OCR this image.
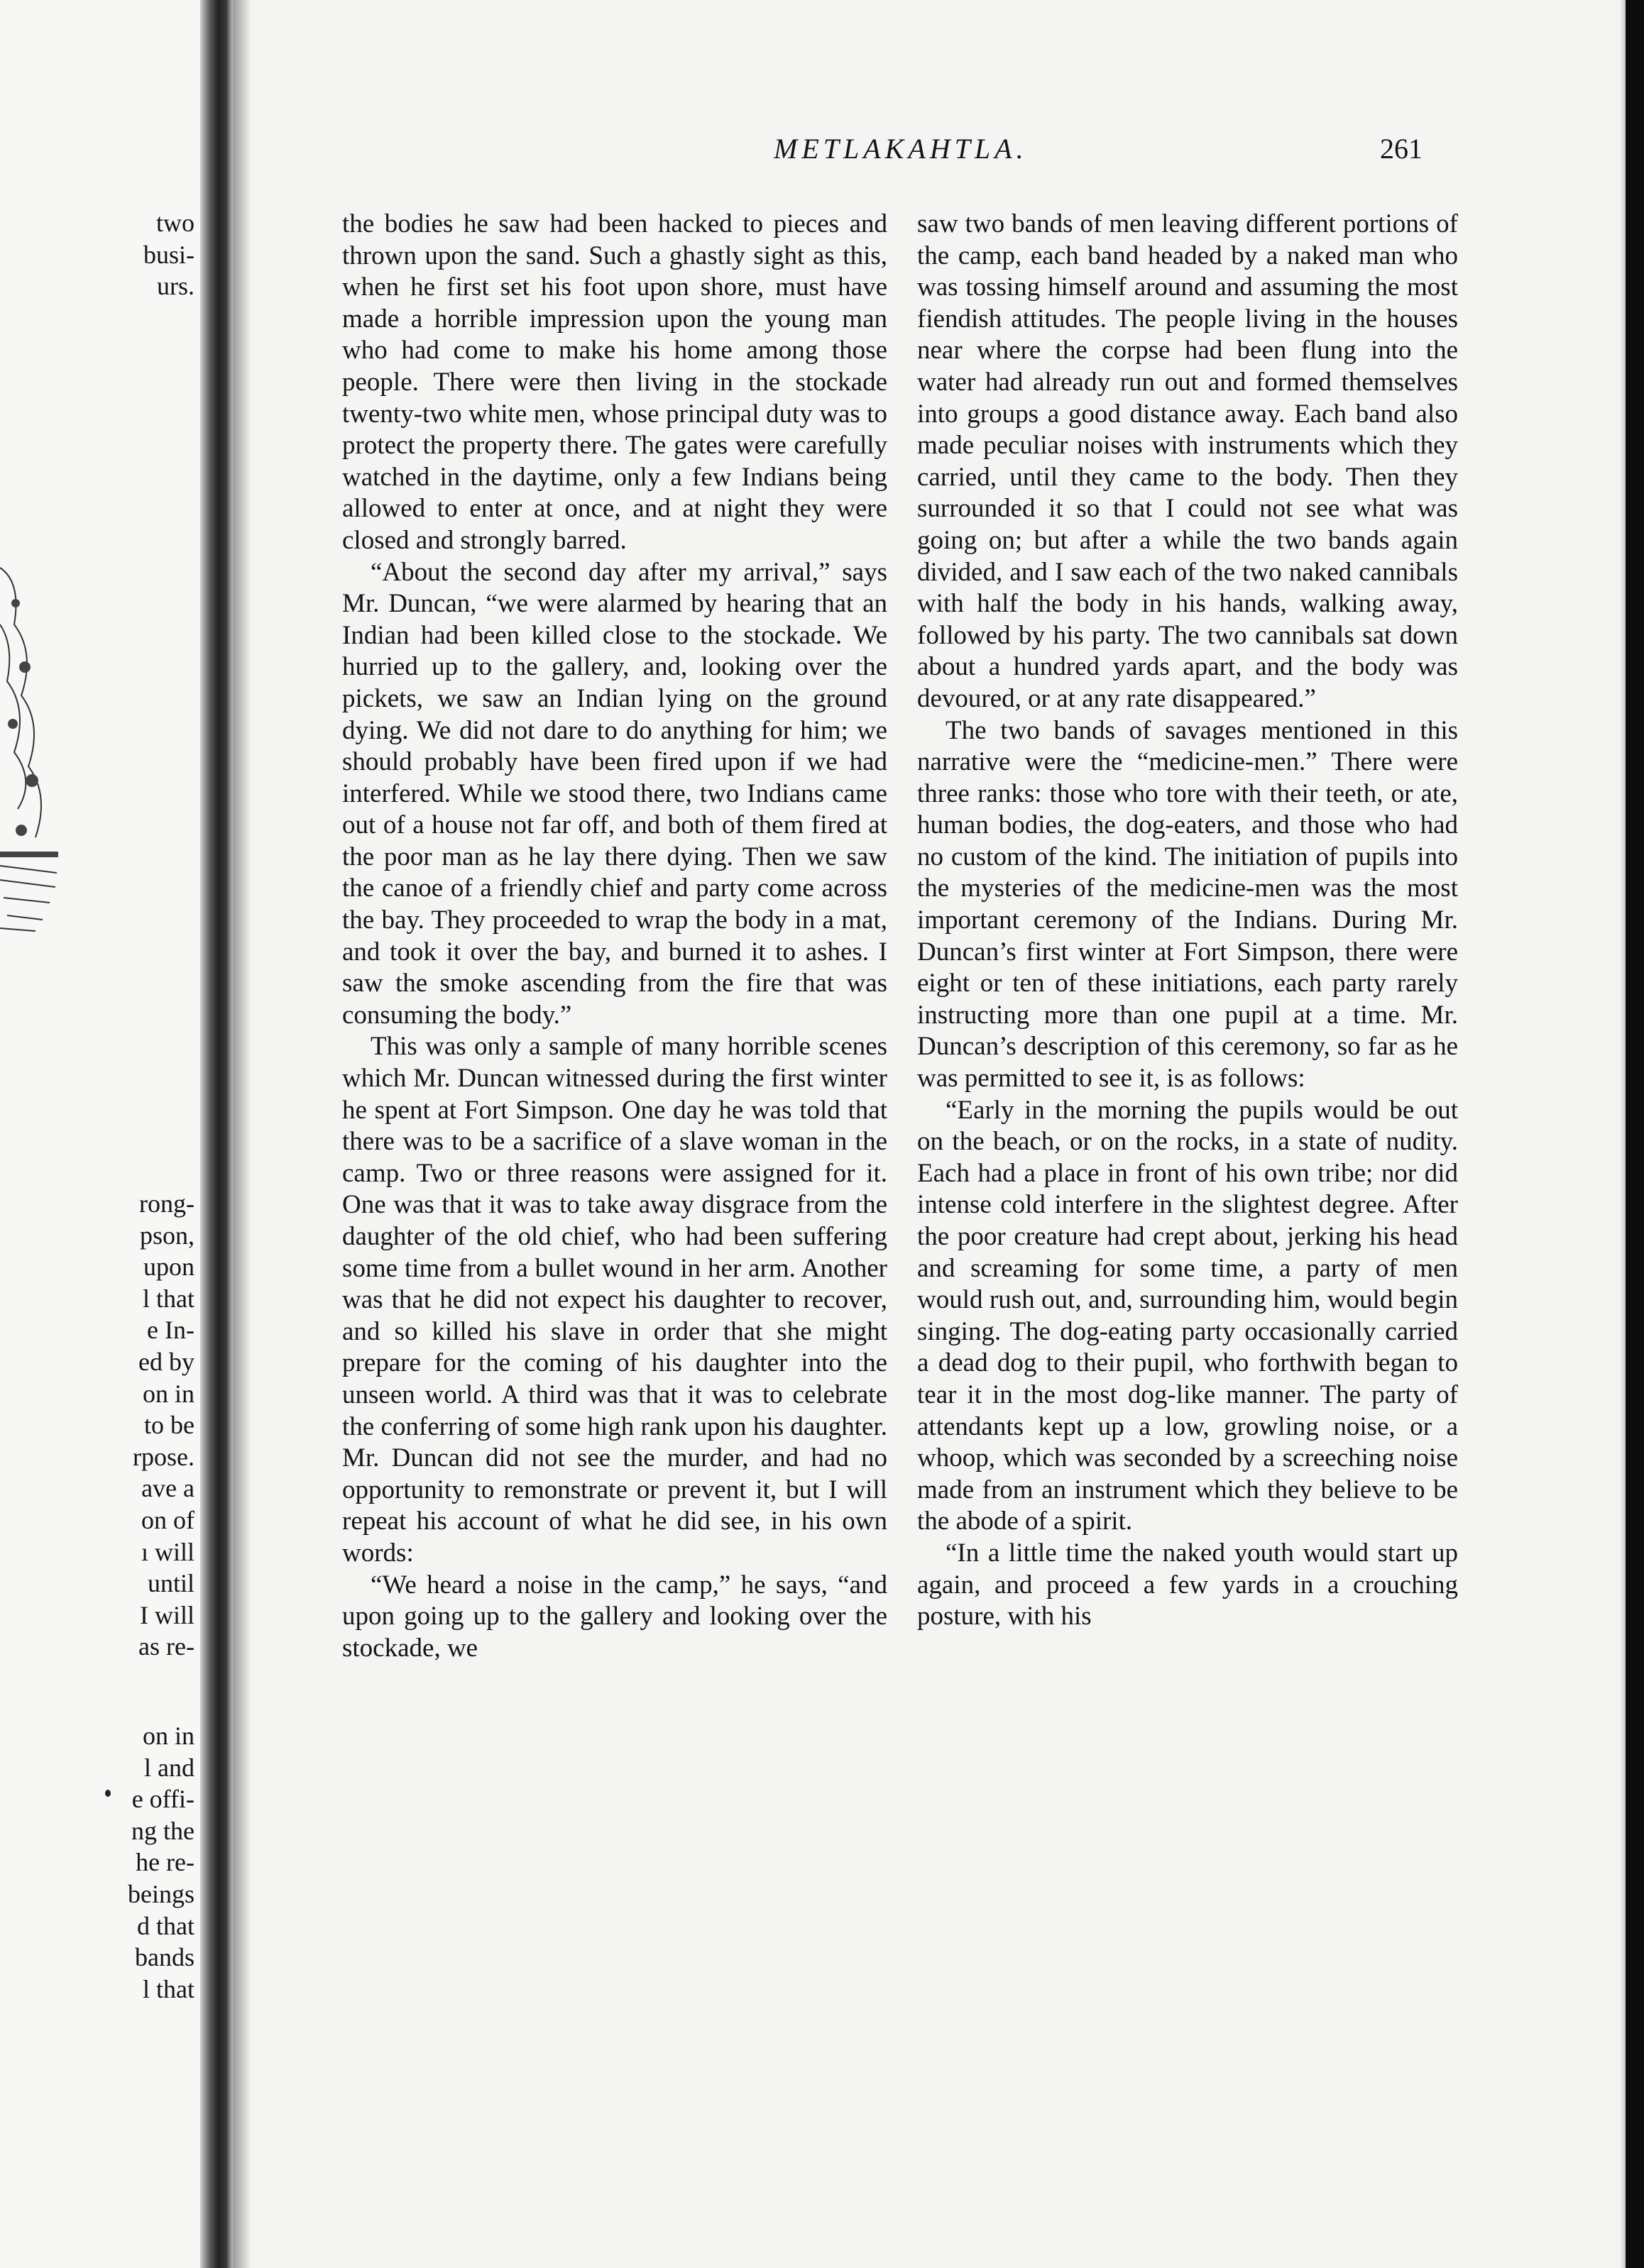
two
busi-
urs.
rong-
pson,
upon
l that
e In-
ed by
on in
to be
rpose.
ave a
on of
ı will
until
I will
as re-
on in
l and
e offi-
ng the
he re-
beings
d that
bands
l that
METLAKAHTLA.	261

the bodies he saw had been hacked to pieces and thrown upon the sand. Such a ghastly sight as this, when he first set his foot upon shore, must have made a horrible impression upon the young man who had come to make his home among those people. There were then living in the stockade twenty-two white men, whose principal duty was to protect the property there. The gates were carefully watched in the daytime, only a few Indians being allowed to enter at once, and at night they were closed and strongly barred.

“About the second day after my arrival,” says Mr. Duncan, “we were alarmed by hearing that an Indian had been killed close to the stockade. We hurried up to the gallery, and, looking over the pickets, we saw an Indian lying on the ground dying. We did not dare to do anything for him; we should probably have been fired upon if we had interfered. While we stood there, two Indians came out of a house not far off, and both of them fired at the poor man as he lay there dying. Then we saw the canoe of a friendly chief and party come across the bay. They proceeded to wrap the body in a mat, and took it over the bay, and burned it to ashes. I saw the smoke ascending from the fire that was consuming the body.”

This was only a sample of many horrible scenes which Mr. Duncan witnessed during the first winter he spent at Fort Simpson. One day he was told that there was to be a sacrifice of a slave woman in the camp. Two or three reasons were assigned for it. One was that it was to take away disgrace from the daughter of the old chief, who had been suffering some time from a bullet wound in her arm. Another was that he did not expect his daughter to recover, and so killed his slave in order that she might prepare for the coming of his daughter into the unseen world. A third was that it was to celebrate the conferring of some high rank upon his daughter. Mr. Duncan did not see the murder, and had no opportunity to remonstrate or prevent it, but I will repeat his account of what he did see, in his own words:

“We heard a noise in the camp,” he says, “and upon going up to the gallery and looking over the stockade, we

saw two bands of men leaving different portions of the camp, each band headed by a naked man who was tossing himself around and assuming the most fiendish attitudes. The people living in the houses near where the corpse had been flung into the water had already run out and formed themselves into groups a good distance away. Each band also made peculiar noises with instruments which they carried, until they came to the body. Then they surrounded it so that I could not see what was going on; but after a while the two bands again divided, and I saw each of the two naked cannibals with half the body in his hands, walking away, followed by his party. The two cannibals sat down about a hundred yards apart, and the body was devoured, or at any rate disappeared.”

The two bands of savages mentioned in this narrative were the “medicine-men.” There were three ranks: those who tore with their teeth, or ate, human bodies, the dog-eaters, and those who had no custom of the kind. The initiation of pupils into the mysteries of the medicine-men was the most important ceremony of the Indians. During Mr. Duncan’s first winter at Fort Simpson, there were eight or ten of these initiations, each party rarely instructing more than one pupil at a time. Mr. Duncan’s description of this ceremony, so far as he was permitted to see it, is as follows:

“Early in the morning the pupils would be out on the beach, or on the rocks, in a state of nudity. Each had a place in front of his own tribe; nor did intense cold interfere in the slightest degree. After the poor creature had crept about, jerking his head and screaming for some time, a party of men would rush out, and, surrounding him, would begin singing. The dog-eating party occasionally carried a dead dog to their pupil, who forthwith began to tear it in the most dog-like manner. The party of attendants kept up a low, growling noise, or a whoop, which was seconded by a screeching noise made from an instrument which they believe to be the abode of a spirit.

“In a little time the naked youth would start up again, and proceed a few yards in a crouching posture, with his
